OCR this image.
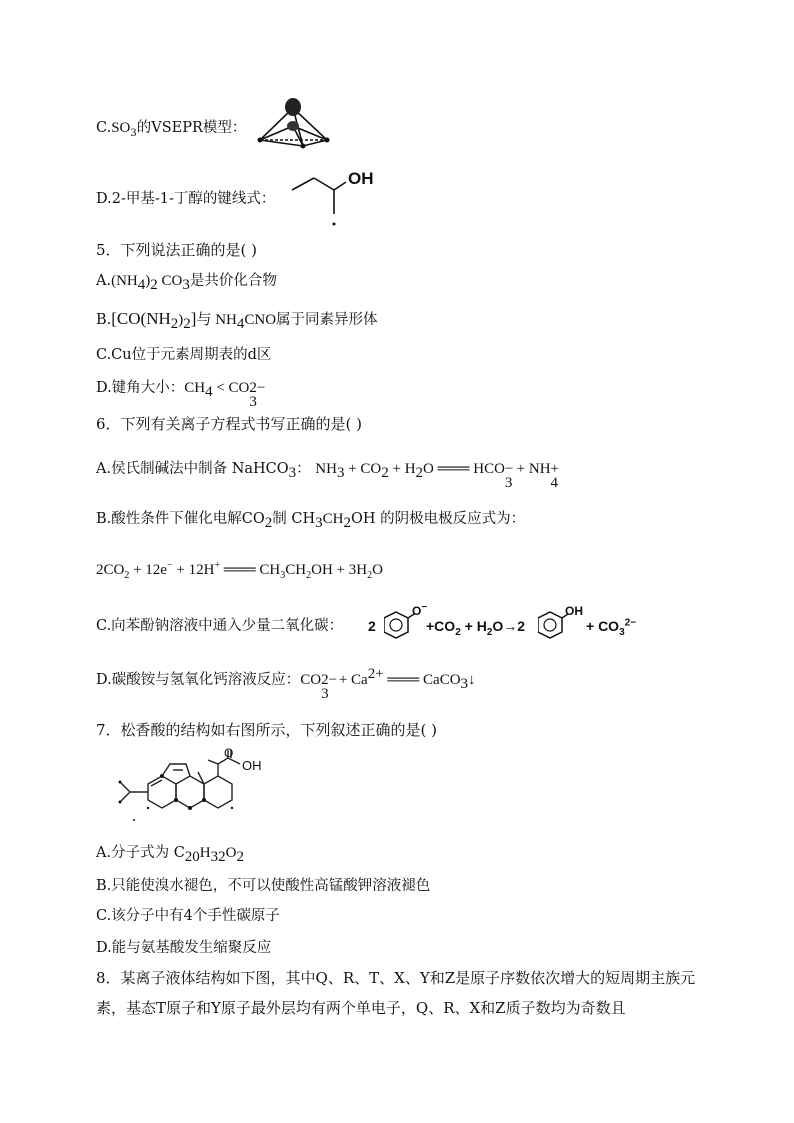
$C.SO_3$的VSEPR模型：
D.2-甲基-1-丁醇的键线式：
OH
5．下列说法正确的是( )
$A.(NH_4)_2$ $CO_3$是共价化合物
$B.[CO(NH_2)_2]$与 $NH_4CNO$属于同素异形体
C.Cu位于元素周期表的d区
D.键角大小：$CH_4$ < CO 2−
3
6．下列有关离子方程式书写正确的是( )
A.侯氏制碱法中制备 NaHCO$_3$： $NH_3 + CO_2 + H_2O$ ═══ HCO −
3
+ NH +
4
B.酸性条件下催化电解$CO_2$制 $CH_3CH_2OH$ 的阴极电极反应式为：
$2CO_2 + 12e^- + 12H^+$ ═══ $CH_3CH_2OH + 3H_2O$
C.向苯酚钠溶液中通入少量二氧化碳： 2
O−
$+CO_2 + H_2O\to 2$
OH
+ $CO_3^{2-}$
D.碳酸铵与氢氧化钙溶液反应：CO 2−
3
+ $Ca^{2+}$ ═══ CaCO$_3$↓
7．松香酸的结构如右图所示，下列叙述正确的是( )
O
OH
A.分子式为 $C_{20}H_{32}O_2$
B.只能使溴水褪色，不可以使酸性高锰酸钾溶液褪色
C.该分子中有4个手性碳原子
D.能与氨基酸发生缩聚反应
8．某离子液体结构如下图，其中Q、R、T、X、Y和Z是原子序数依次增大的短周期主族元素，基态T原子和Y原子最外层均有两个单电子，Q、R、X和Z质子数均为奇数且
